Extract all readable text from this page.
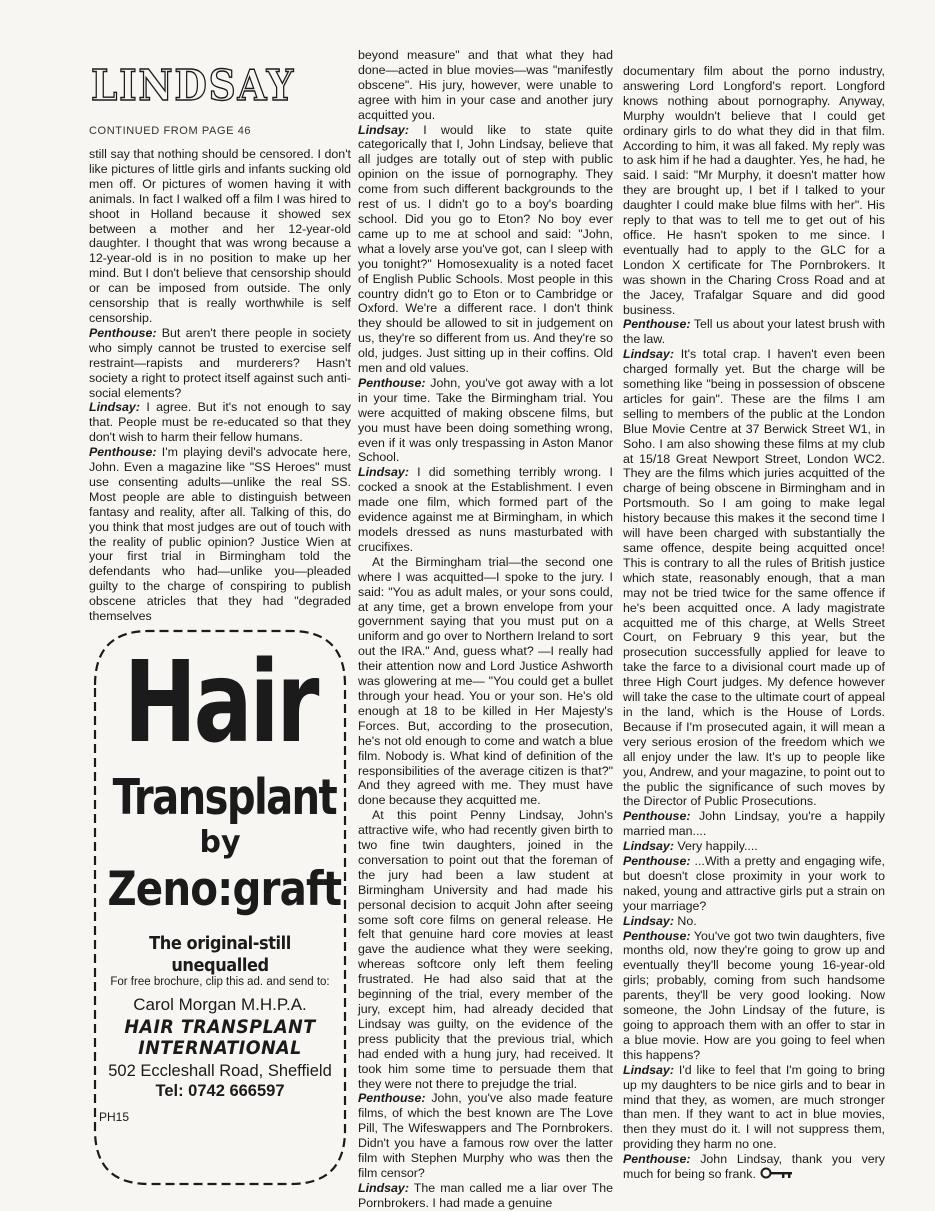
LINDSAY
CONTINUED FROM PAGE 46

still say that nothing should be censored. I don't like pictures of little girls and infants sucking old men off. Or pictures of women having it with animals. In fact I walked off a film I was hired to shoot in Holland because it showed sex between a mother and her 12-year-old daughter. I thought that was wrong because a 12-year-old is in no position to make up her mind. But I don't believe that censorship should or can be imposed from outside. The only censorship that is really worthwhile is self censorship.

Penthouse: But aren't there people in society who simply cannot be trusted to exercise self restraint—rapists and murderers? Hasn't society a right to protect itself against such anti-social elements?

Lindsay: I agree. But it's not enough to say that. People must be re-educated so that they don't wish to harm their fellow humans.

Penthouse: I'm playing devil's advocate here, John. Even a magazine like "SS Heroes" must use consenting adults—unlike the real SS. Most people are able to distinguish between fantasy and reality, after all. Talking of this, do you think that most judges are out of touch with the reality of public opinion? Justice Wien at your first trial in Birmingham told the defendants who had—unlike you—pleaded guilty to the charge of conspiring to publish obscene atricles that they had "degraded themselves

beyond measure" and that what they had done—acted in blue movies—was "manifestly obscene". His jury, however, were unable to agree with him in your case and another jury acquitted you.

Lindsay: I would like to state quite categorically that I, John Lindsay, believe that all judges are totally out of step with public opinion on the issue of pornography. They come from such different backgrounds to the rest of us. I didn't go to a boy's boarding school. Did you go to Eton? No boy ever came up to me at school and said: "John, what a lovely arse you've got, can I sleep with you tonight?" Homosexuality is a noted facet of English Public Schools. Most people in this country didn't go to Eton or to Cambridge or Oxford. We're a different race. I don't think they should be allowed to sit in judgement on us, they're so different from us. And they're so old, judges. Just sitting up in their coffins. Old men and old values.

Penthouse: John, you've got away with a lot in your time. Take the Birmingham trial. You were acquitted of making obscene films, but you must have been doing something wrong, even if it was only trespassing in Aston Manor School.

Lindsay: I did something terribly wrong. I cocked a snook at the Establishment. I even made one film, which formed part of the evidence against me at Birmingham, in which models dressed as nuns masturbated with crucifixes.

At the Birmingham trial—the second one where I was acquitted—I spoke to the jury. I said: "You as adult males, or your sons could, at any time, get a brown envelope from your government saying that you must put on a uniform and go over to Northern Ireland to sort out the IRA." And, guess what? —I really had their attention now and Lord Justice Ashworth was glowering at me— "You could get a bullet through your head. You or your son. He's old enough at 18 to be killed in Her Majesty's Forces. But, according to the prosecution, he's not old enough to come and watch a blue film. Nobody is. What kind of definition of the responsibilities of the average citizen is that?" And they agreed with me. They must have done because they acquitted me.

At this point Penny Lindsay, John's attractive wife, who had recently given birth to two fine twin daughters, joined in the conversation to point out that the foreman of the jury had been a law student at Birmingham University and had made his personal decision to acquit John after seeing some soft core films on general release. He felt that genuine hard core movies at least gave the audience what they were seeking, whereas softcore only left them feeling frustrated. He had also said that at the beginning of the trial, every member of the jury, except him, had already decided that Lindsay was guilty, on the evidence of the press publicity that the previous trial, which had ended with a hung jury, had received. It took him some time to persuade them that they were not there to prejudge the trial.

Penthouse: John, you've also made feature films, of which the best known are The Love Pill, The Wifeswappers and The Pornbrokers. Didn't you have a famous row over the latter film with Stephen Murphy who was then the film censor?

Lindsay: The man called me a liar over The Pornbrokers. I had made a genuine

documentary film about the porno industry, answering Lord Longford's report. Longford knows nothing about pornography. Anyway, Murphy wouldn't believe that I could get ordinary girls to do what they did in that film. According to him, it was all faked. My reply was to ask him if he had a daughter. Yes, he had, he said. I said: "Mr Murphy, it doesn't matter how they are brought up, I bet if I talked to your daughter I could make blue films with her". His reply to that was to tell me to get out of his office. He hasn't spoken to me since. I eventually had to apply to the GLC for a London X certificate for The Pornbrokers. It was shown in the Charing Cross Road and at the Jacey, Trafalgar Square and did good business.

Penthouse: Tell us about your latest brush with the law.

Lindsay: It's total crap. I haven't even been charged formally yet. But the charge will be something like "being in possession of obscene articles for gain". These are the films I am selling to members of the public at the London Blue Movie Centre at 37 Berwick Street W1, in Soho. I am also showing these films at my club at 15/18 Great Newport Street, London WC2. They are the films which juries acquitted of the charge of being obscene in Birmingham and in Portsmouth. So I am going to make legal history because this makes it the second time I will have been charged with substantially the same offence, despite being acquitted once! This is contrary to all the rules of British justice which state, reasonably enough, that a man may not be tried twice for the same offence if he's been acquitted once. A lady magistrate acquitted me of this charge, at Wells Street Court, on February 9 this year, but the prosecution successfully applied for leave to take the farce to a divisional court made up of three High Court judges. My defence however will take the case to the ultimate court of appeal in the land, which is the House of Lords. Because if I'm prosecuted again, it will mean a very serious erosion of the freedom which we all enjoy under the law. It's up to people like you, Andrew, and your magazine, to point out to the public the significance of such moves by the Director of Public Prosecutions.

Penthouse: John Lindsay, you're a happily married man....

Lindsay: Very happily....

Penthouse: ...With a pretty and engaging wife, but doesn't close proximity in your work to naked, young and attractive girls put a strain on your marriage?

Lindsay: No.

Penthouse: You've got two twin daughters, five months old, now they're going to grow up and eventually they'll become young 16-year-old girls; probably, coming from such handsome parents, they'll be very good looking. Now someone, the John Lindsay of the future, is going to approach them with an offer to star in a blue movie. How are you going to feel when this happens?

Lindsay: I'd like to feel that I'm going to bring up my daughters to be nice girls and to bear in mind that they, as women, are much stronger than men. If they want to act in blue movies, then they must do it. I will not suppress them, providing they harm no one.

Penthouse: John Lindsay, thank you very much for being so frank.

Hair
Transplant
by
Zeno:graft
The original-still unequalled
For free brochure, clip this ad. and send to:
Carol Morgan M.H.P.A.
HAIR TRANSPLANT
INTERNATIONAL
502 Eccleshall Road, Sheffield
Tel: 0742 666597
PH15
